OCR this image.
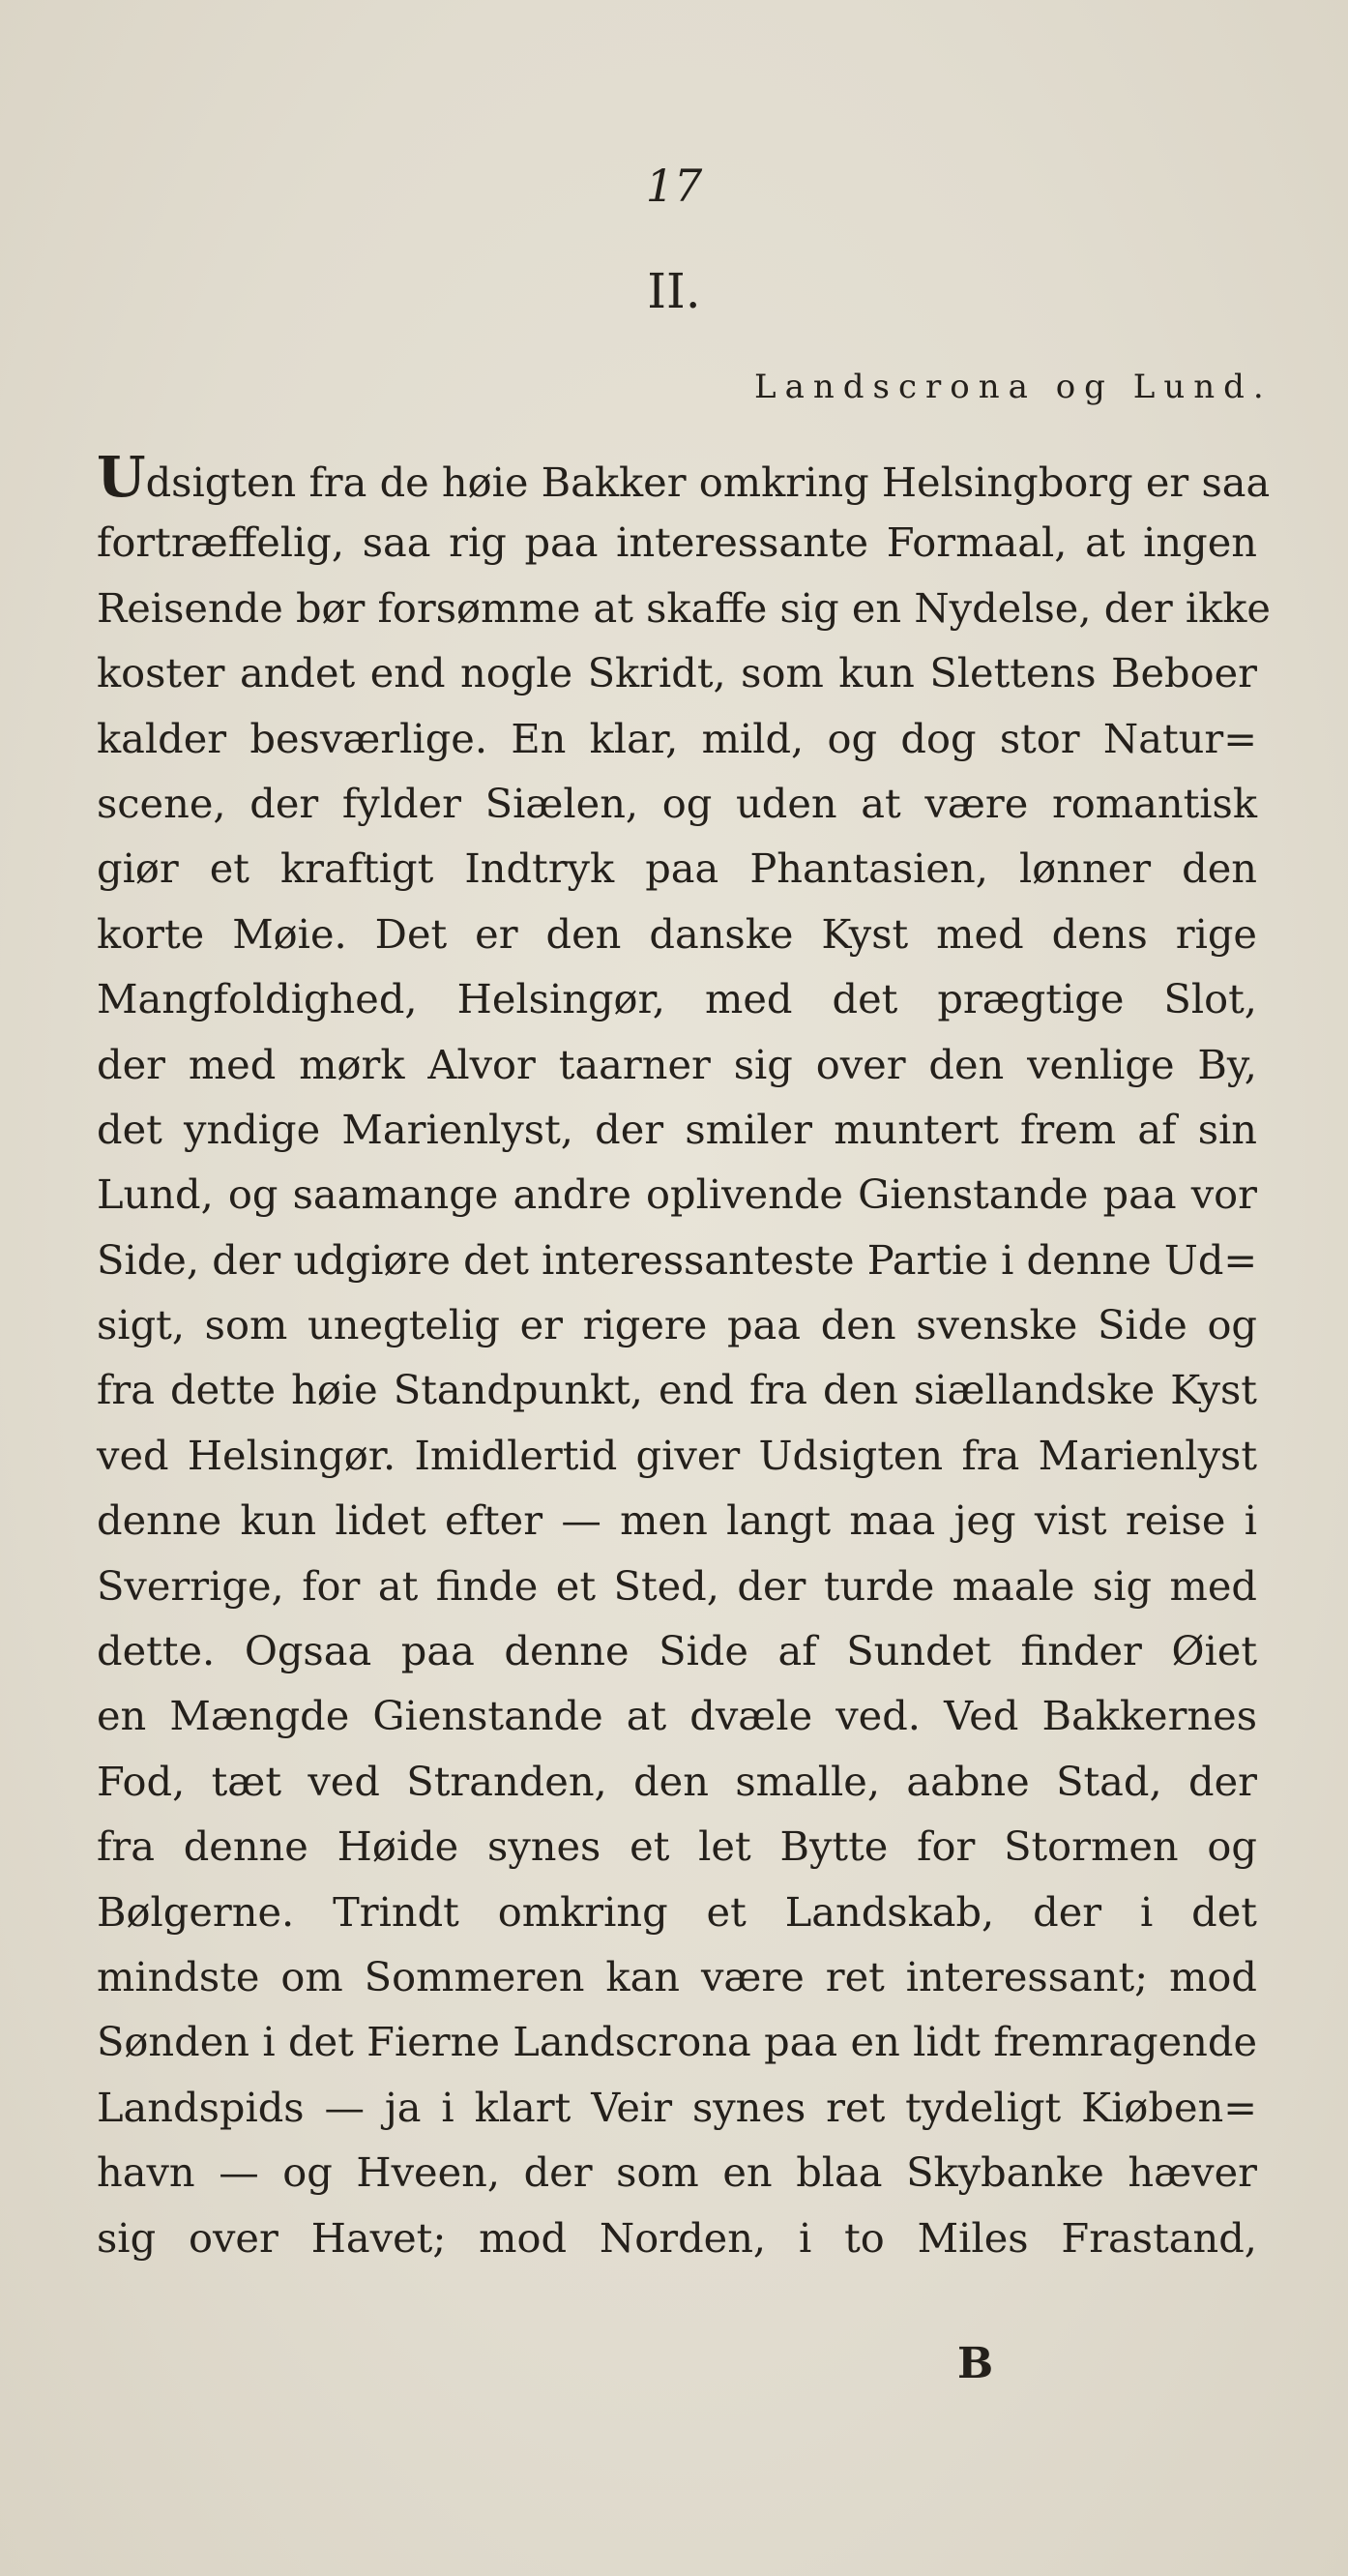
17
II.
Landscrona og Lund.
Udsigten fra de høie Bakker omkring Helsingborg er saa
fortræffelig, saa rig paa interessante Formaal, at ingen
Reisende bør forsømme at skaffe sig en Nydelse, der ikke
koster andet end nogle Skridt, som kun Slettens Beboer
kalder besværlige. En klar, mild, og dog stor Natur=
scene, der fylder Siælen, og uden at være romantisk
giør et kraftigt Indtryk paa Phantasien, lønner den
korte Møie. Det er den danske Kyst med dens rige
Mangfoldighed, Helsingør, med det prægtige Slot,
der med mørk Alvor taarner sig over den venlige By,
det yndige Marienlyst, der smiler muntert frem af sin
Lund, og saamange andre oplivende Gienstande paa vor
Side, der udgiøre det interessanteste Partie i denne Ud=
sigt, som unegtelig er rigere paa den svenske Side og
fra dette høie Standpunkt, end fra den siællandske Kyst
ved Helsingør. Imidlertid giver Udsigten fra Marienlyst
denne kun lidet efter — men langt maa jeg vist reise i
Sverrige, for at finde et Sted, der turde maale sig med
dette. Ogsaa paa denne Side af Sundet finder Øiet
en Mængde Gienstande at dvæle ved. Ved Bakkernes
Fod, tæt ved Stranden, den smalle, aabne Stad, der
fra denne Høide synes et let Bytte for Stormen og
Bølgerne. Trindt omkring et Landskab, der i det
mindste om Sommeren kan være ret interessant; mod
Sønden i det Fierne Landscrona paa en lidt fremragende
Landspids — ja i klart Veir synes ret tydeligt Kiøben=
havn — og Hveen, der som en blaa Skybanke hæver
sig over Havet; mod Norden, i to Miles Frastand,
B
